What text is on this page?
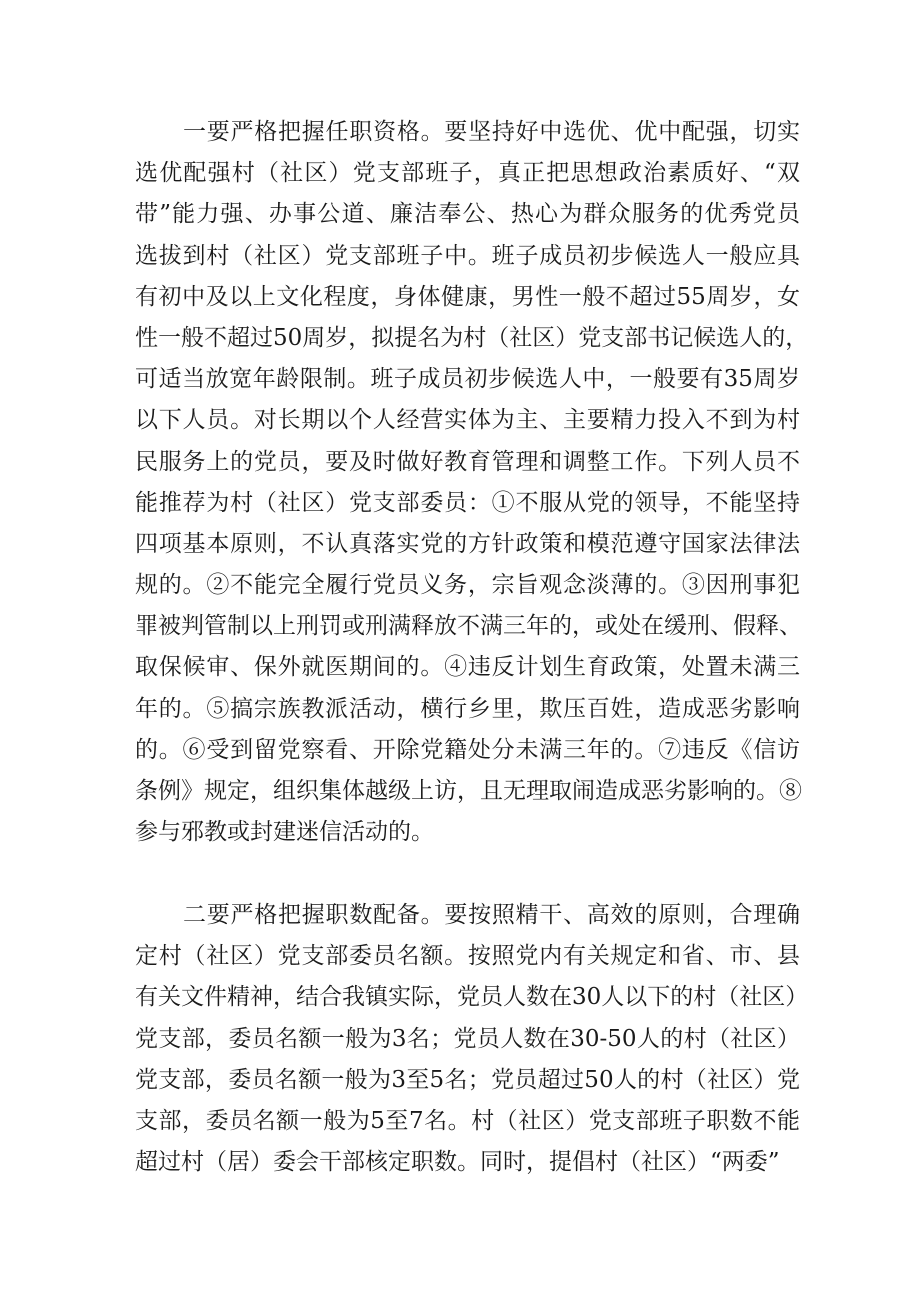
一要严格把握任职资格。要坚持好中选优、优中配强，切实
选优配强村（社区）党支部班子，真正把思想政治素质好、“双
带”能力强、办事公道、廉洁奉公、热心为群众服务的优秀党员
选拔到村（社区）党支部班子中。班子成员初步候选人一般应具
有初中及以上文化程度，身体健康，男性一般不超过55周岁，女
性一般不超过50周岁，拟提名为村（社区）党支部书记候选人的，
可适当放宽年龄限制。班子成员初步候选人中，一般要有35周岁
以下人员。对长期以个人经营实体为主、主要精力投入不到为村
民服务上的党员，要及时做好教育管理和调整工作。下列人员不
能推荐为村（社区）党支部委员：①不服从党的领导，不能坚持
四项基本原则，不认真落实党的方针政策和模范遵守国家法律法
规的。②不能完全履行党员义务，宗旨观念淡薄的。③因刑事犯
罪被判管制以上刑罚或刑满释放不满三年的，或处在缓刑、假释、
取保候审、保外就医期间的。④违反计划生育政策，处置未满三
年的。⑤搞宗族教派活动，横行乡里，欺压百姓，造成恶劣影响
的。⑥受到留党察看、开除党籍处分未满三年的。⑦违反《信访
条例》规定，组织集体越级上访，且无理取闹造成恶劣影响的。⑧
参与邪教或封建迷信活动的。
二要严格把握职数配备。要按照精干、高效的原则，合理确
定村（社区）党支部委员名额。按照党内有关规定和省、市、县
有关文件精神，结合我镇实际，党员人数在30人以下的村（社区）
党支部，委员名额一般为3名；党员人数在30-50人的村（社区）
党支部，委员名额一般为3至5名；党员超过50人的村（社区）党
支部，委员名额一般为5至7名。村（社区）党支部班子职数不能
超过村（居）委会干部核定职数。同时，提倡村（社区）“两委”
